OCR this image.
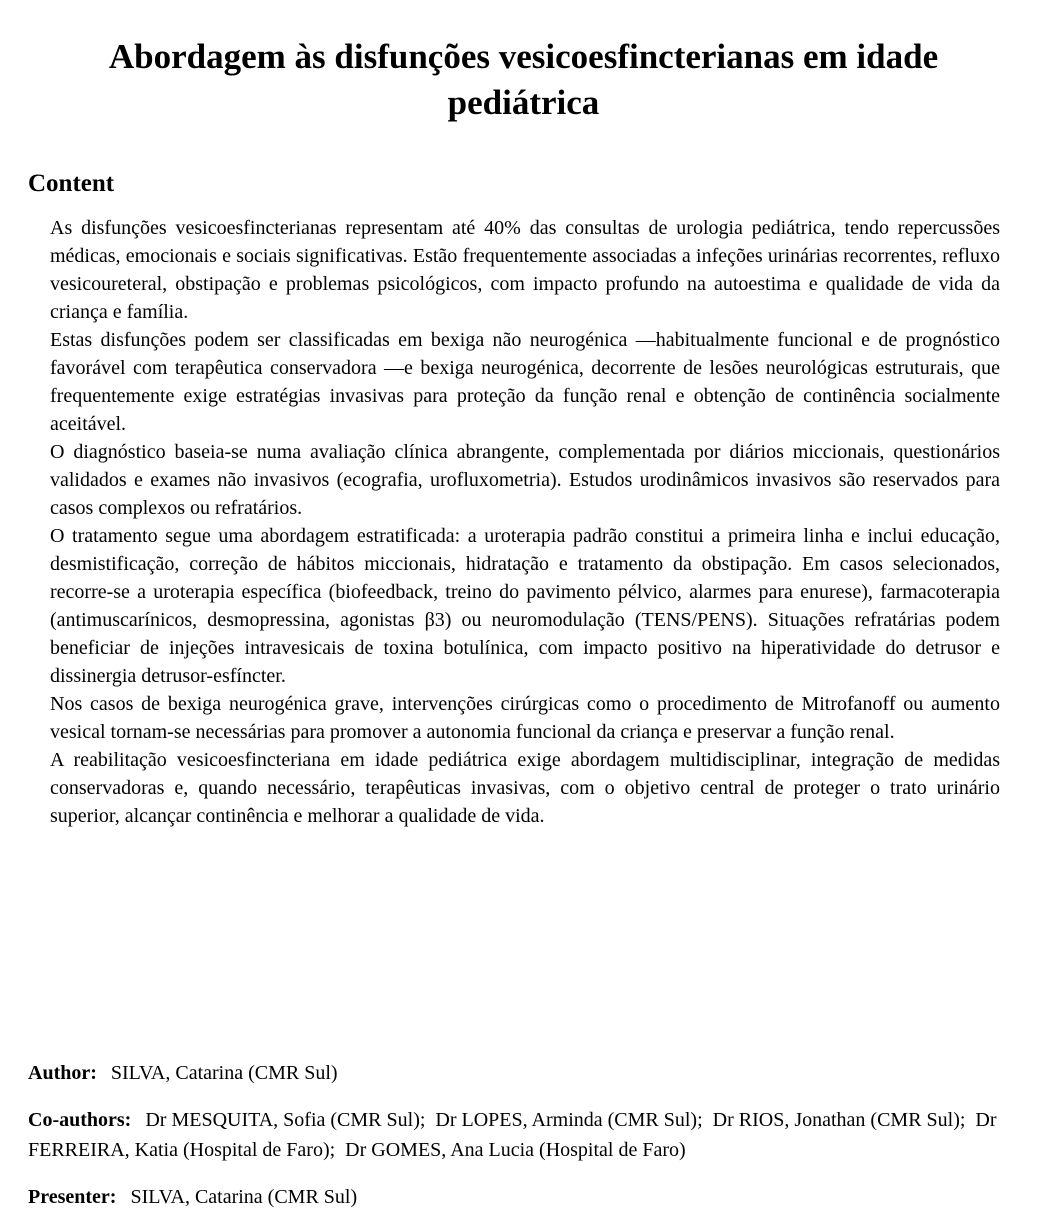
Abordagem às disfunções vesicoesfincterianas em idade pediátrica
Content

As disfunções vesicoesfincterianas representam até 40% das consultas de urologia pediátrica, tendo repercussões médicas, emocionais e sociais significativas. Estão frequentemente associadas a infeções urinárias recorrentes, refluxo vesicoureteral, obstipação e problemas psicológicos, com impacto profundo na autoestima e qualidade de vida da criança e família.

Estas disfunções podem ser classificadas em bexiga não neurogénica —habitualmente funcional e de prognóstico favorável com terapêutica conservadora —e bexiga neurogénica, decorrente de lesões neurológicas estruturais, que frequentemente exige estratégias invasivas para proteção da função renal e obtenção de continência socialmente aceitável.

O diagnóstico baseia-se numa avaliação clínica abrangente, complementada por diários miccionais, questionários validados e exames não invasivos (ecografia, urofluxometria). Estudos urodinâmicos invasivos são reservados para casos complexos ou refratários.

O tratamento segue uma abordagem estratificada: a uroterapia padrão constitui a primeira linha e inclui educação, desmistificação, correção de hábitos miccionais, hidratação e tratamento da obstipação. Em casos selecionados, recorre-se a uroterapia específica (biofeedback, treino do pavimento pélvico, alarmes para enurese), farmacoterapia (antimuscarínicos, desmopressina, agonistas β3) ou neuromodulação (TENS/PENS). Situações refratárias podem beneficiar de injeções intravesicais de toxina botulínica, com impacto positivo na hiperatividade do detrusor e dissinergia detrusor-esfíncter.

Nos casos de bexiga neurogénica grave, intervenções cirúrgicas como o procedimento de Mitrofanoff ou aumento vesical tornam-se necessárias para promover a autonomia funcional da criança e preservar a função renal.

A reabilitação vesicoesfincteriana em idade pediátrica exige abordagem multidisciplinar, integração de medidas conservadoras e, quando necessário, terapêuticas invasivas, com o objetivo central de proteger o trato urinário superior, alcançar continência e melhorar a qualidade de vida.

Author: SILVA, Catarina (CMR Sul)
Co-authors: Dr MESQUITA, Sofia (CMR Sul);  Dr LOPES, Arminda (CMR Sul);  Dr RIOS, Jonathan (CMR Sul);  Dr FERREIRA, Katia (Hospital de Faro);  Dr GOMES, Ana Lucia (Hospital de Faro)
Presenter: SILVA, Catarina (CMR Sul)
